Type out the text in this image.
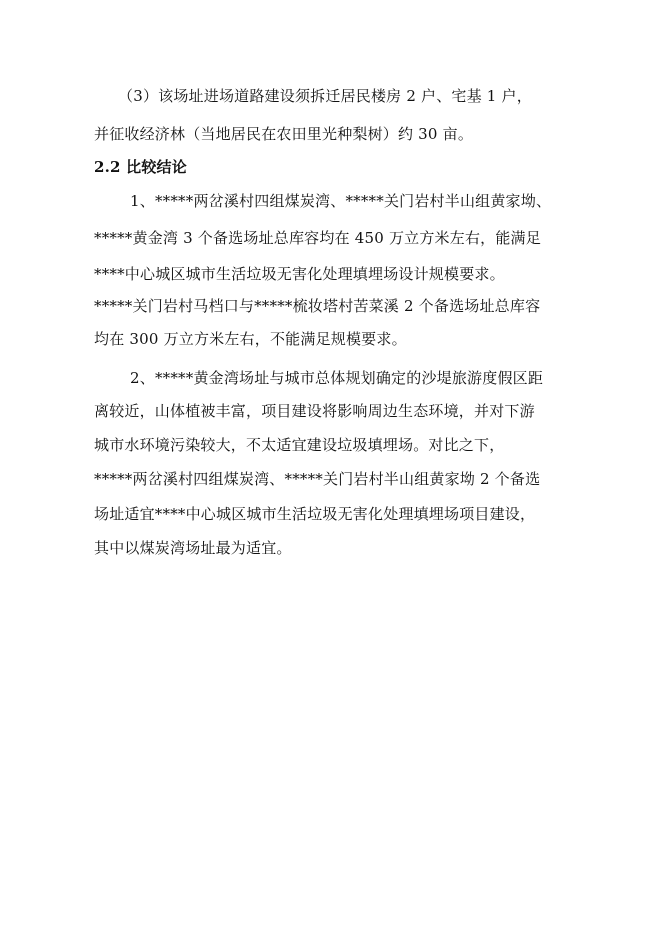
（3）该场址进场道路建设须拆迁居民楼房 2 户、宅基 1 户，
并征收经济林（当地居民在农田里光种梨树）约 30 亩。
2.2 比较结论
1、*****两岔溪村四组煤炭湾、*****关门岩村半山组黄家坳、
*****黄金湾 3 个备选场址总库容均在 450 万立方米左右，能满足
****中心城区城市生活垃圾无害化处理填埋场设计规模要求。
*****关门岩村马档口与*****梳妆塔村苦菜溪 2 个备选场址总库容
均在 300 万立方米左右，不能满足规模要求。
2、*****黄金湾场址与城市总体规划确定的沙堤旅游度假区距
离较近，山体植被丰富，项目建设将影响周边生态环境，并对下游
城市水环境污染较大，不太适宜建设垃圾填埋场。对比之下，
*****两岔溪村四组煤炭湾、*****关门岩村半山组黄家坳 2 个备选
场址适宜****中心城区城市生活垃圾无害化处理填埋场项目建设，
其中以煤炭湾场址最为适宜。
